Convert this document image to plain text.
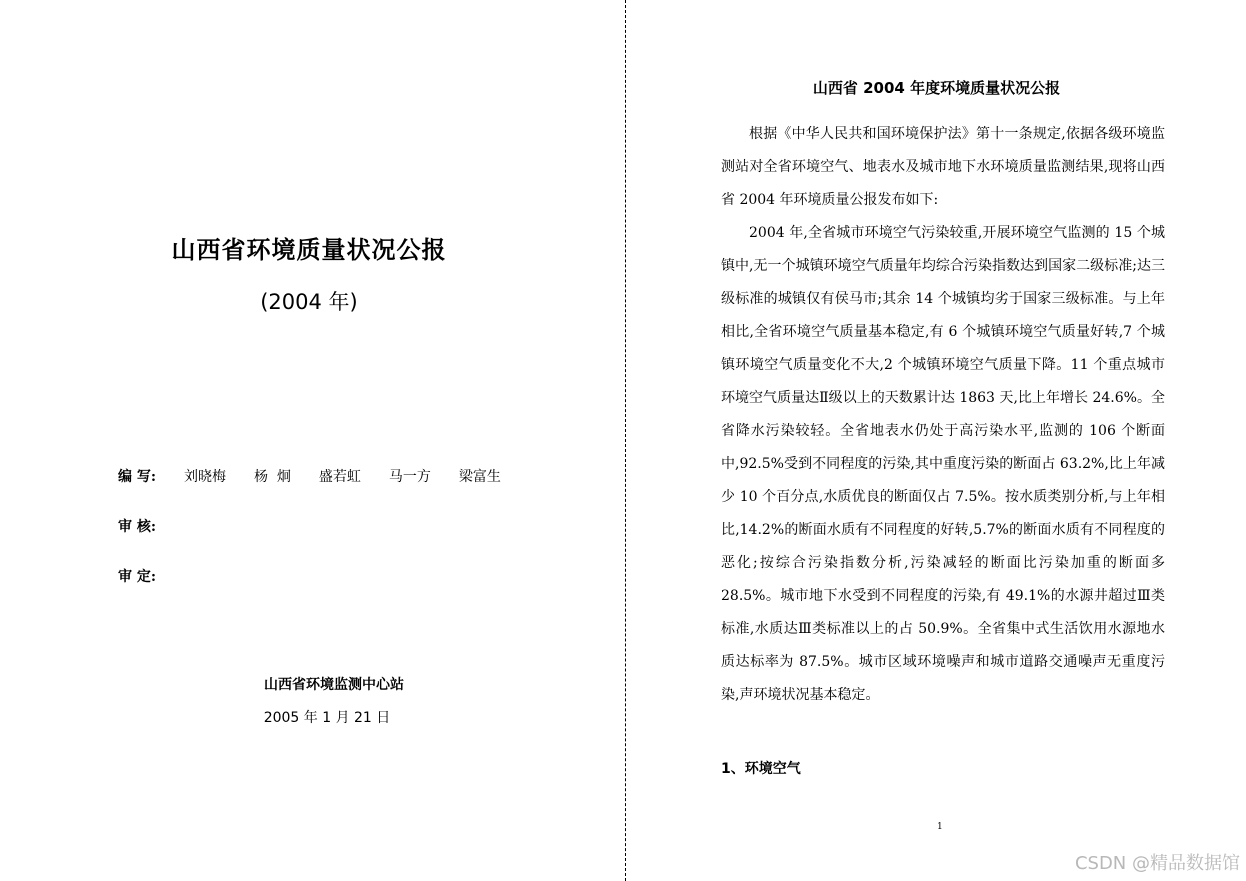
山西省环境质量状况公报
(2004 年)
编 写:	刘晓梅 杨  炯 盛若虹 马一方 梁富生
审 核:
审 定:
山西省环境监测中心站
2005 年 1 月 21 日
山西省 2004 年度环境质量状况公报
根据《中华人民共和国环境保护法》第十一条规定,依据各级环境监测站对全省环境空气、地表水及城市地下水环境质量监测结果,现将山西省 2004 年环境质量公报发布如下:
2004 年,全省城市环境空气污染较重,开展环境空气监测的 15 个城镇中,无一个城镇环境空气质量年均综合污染指数达到国家二级标准;达三级标准的城镇仅有侯马市;其余 14 个城镇均劣于国家三级标准。与上年相比,全省环境空气质量基本稳定,有 6 个城镇环境空气质量好转,7 个城镇环境空气质量变化不大,2 个城镇环境空气质量下降。11 个重点城市环境空气质量达Ⅱ级以上的天数累计达 1863 天,比上年增长 24.6%。全省降水污染较轻。全省地表水仍处于高污染水平,监测的 106 个断面中,92.5%受到不同程度的污染,其中重度污染的断面占 63.2%,比上年减少 10 个百分点,水质优良的断面仅占 7.5%。按水质类别分析,与上年相比,14.2%的断面水质有不同程度的好转,5.7%的断面水质有不同程度的恶化;按综合污染指数分析,污染减轻的断面比污染加重的断面多 28.5%。城市地下水受到不同程度的污染,有 49.1%的水源井超过Ⅲ类标准,水质达Ⅲ类标准以上的占 50.9%。全省集中式生活饮用水源地水质达标率为 87.5%。城市区域环境噪声和城市道路交通噪声无重度污染,声环境状况基本稳定。
1、环境空气
1
CSDN @精品数据馆
